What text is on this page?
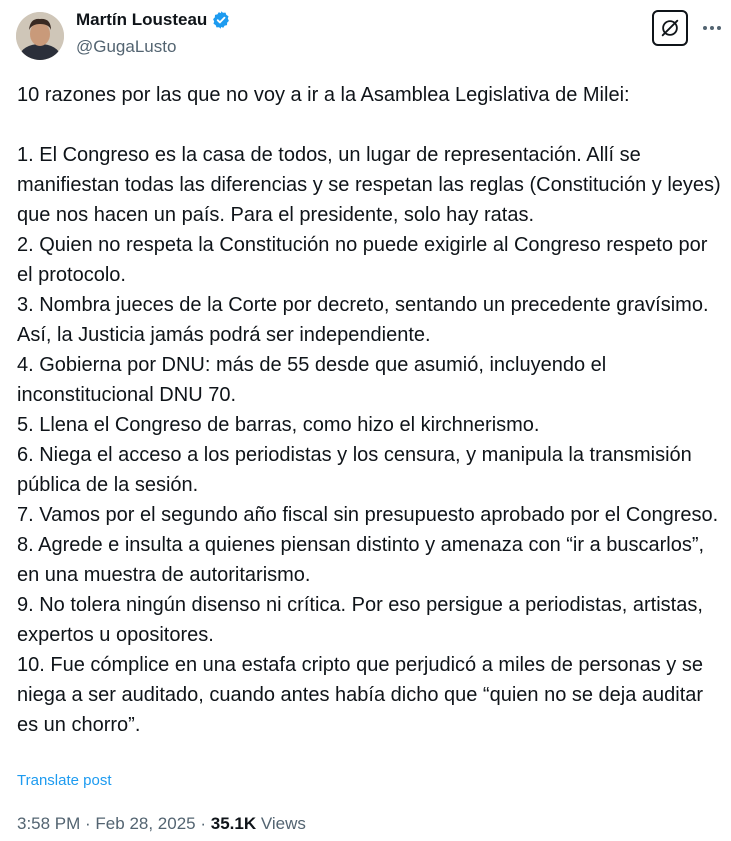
Martín Lousteau
@GugaLusto

10 razones por las que no voy a ir a la Asamblea Legislativa de Milei:

1. El Congreso es la casa de todos, un lugar de representación. Allí se manifiestan todas las diferencias y se respetan las reglas (Constitución y leyes) que nos hacen un país. Para el presidente, solo hay ratas.

2. Quien no respeta la Constitución no puede exigirle al Congreso respeto por el protocolo.

3. Nombra jueces de la Corte por decreto, sentando un precedente gravísimo. Así, la Justicia jamás podrá ser independiente.

4. Gobierna por DNU: más de 55 desde que asumió, incluyendo el inconstitucional DNU 70.

5. Llena el Congreso de barras, como hizo el kirchnerismo.

6. Niega el acceso a los periodistas y los censura, y manipula la transmisión pública de la sesión.

7. Vamos por el segundo año fiscal sin presupuesto aprobado por el Congreso.

8. Agrede e insulta a quienes piensan distinto y amenaza con “ir a buscarlos”, en una muestra de autoritarismo.

9. No tolera ningún disenso ni crítica. Por eso persigue a periodistas, artistas, expertos u opositores.

10. Fue cómplice en una estafa cripto que perjudicó a miles de personas y se niega a ser auditado, cuando antes había dicho que “quien no se deja auditar es un chorro”.

Translate post
3:58 PM · Feb 28, 2025 · 35.1K Views
